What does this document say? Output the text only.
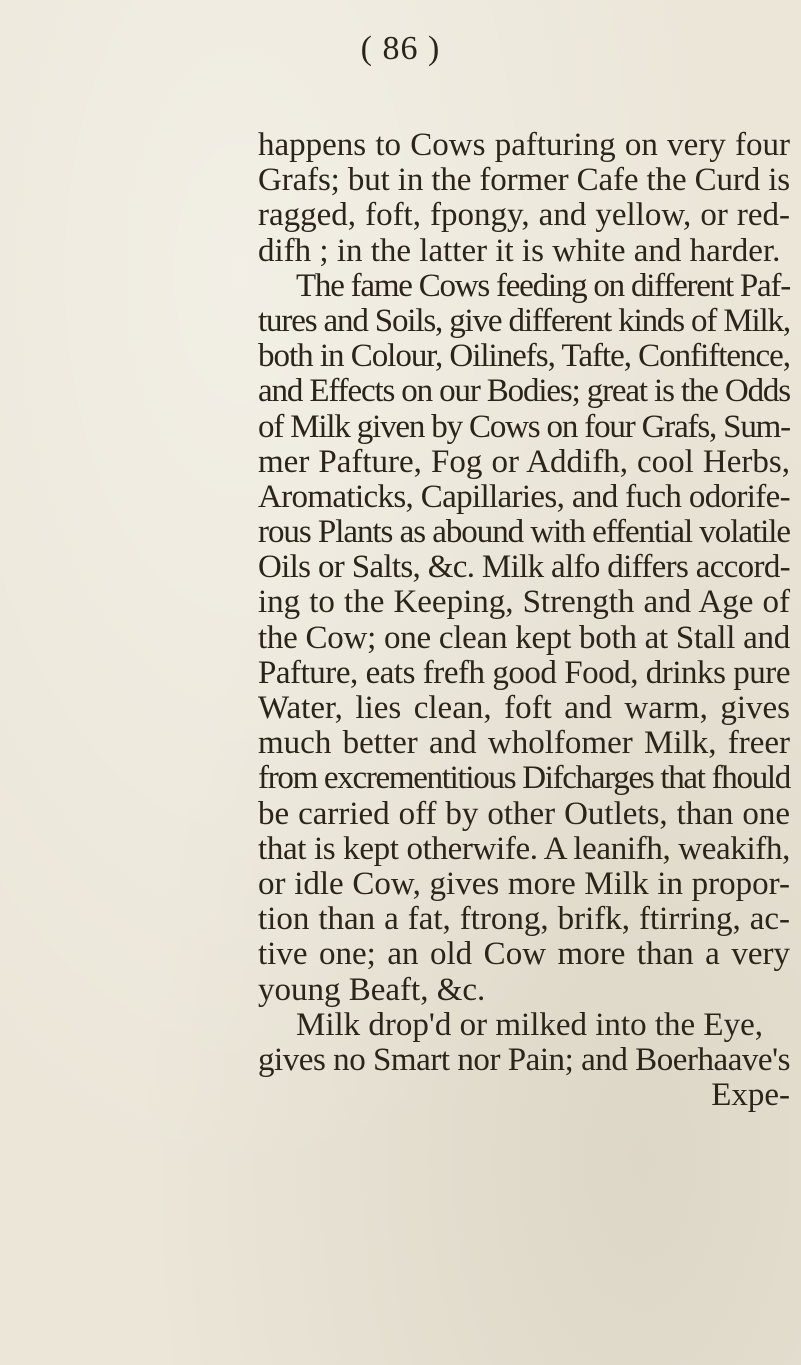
( 86 )
happens to Cows pafturing on very four
Grafs; but in the former Cafe the Curd is
ragged, foft, fpongy, and yellow, or red-
difh ; in the latter it is white and harder.
The fame Cows feeding on different Paf-
tures and Soils, give different kinds of Milk,
both in Colour, Oilinefs, Tafte, Confiftence,
and Effects on our Bodies; great is the Odds
of Milk given by Cows on four Grafs, Sum-
mer Pafture, Fog or Addifh, cool Herbs,
Aromaticks, Capillaries, and fuch odorife-
rous Plants as abound with effential volatile
Oils or Salts, &c. Milk alfo differs accord-
ing to the Keeping, Strength and Age of
the Cow; one clean kept both at Stall and
Pafture, eats frefh good Food, drinks pure
Water, lies clean, foft and warm, gives
much better and wholfomer Milk, freer
from excrementitious Difcharges that fhould
be carried off by other Outlets, than one
that is kept otherwife. A leanifh, weakifh,
or idle Cow, gives more Milk in propor-
tion than a fat, ftrong, brifk, ftirring, ac-
tive one; an old Cow more than a very
young Beaft, &c.
Milk drop'd or milked into the Eye,
gives no Smart nor Pain; and Boerhaave's
Expe-
